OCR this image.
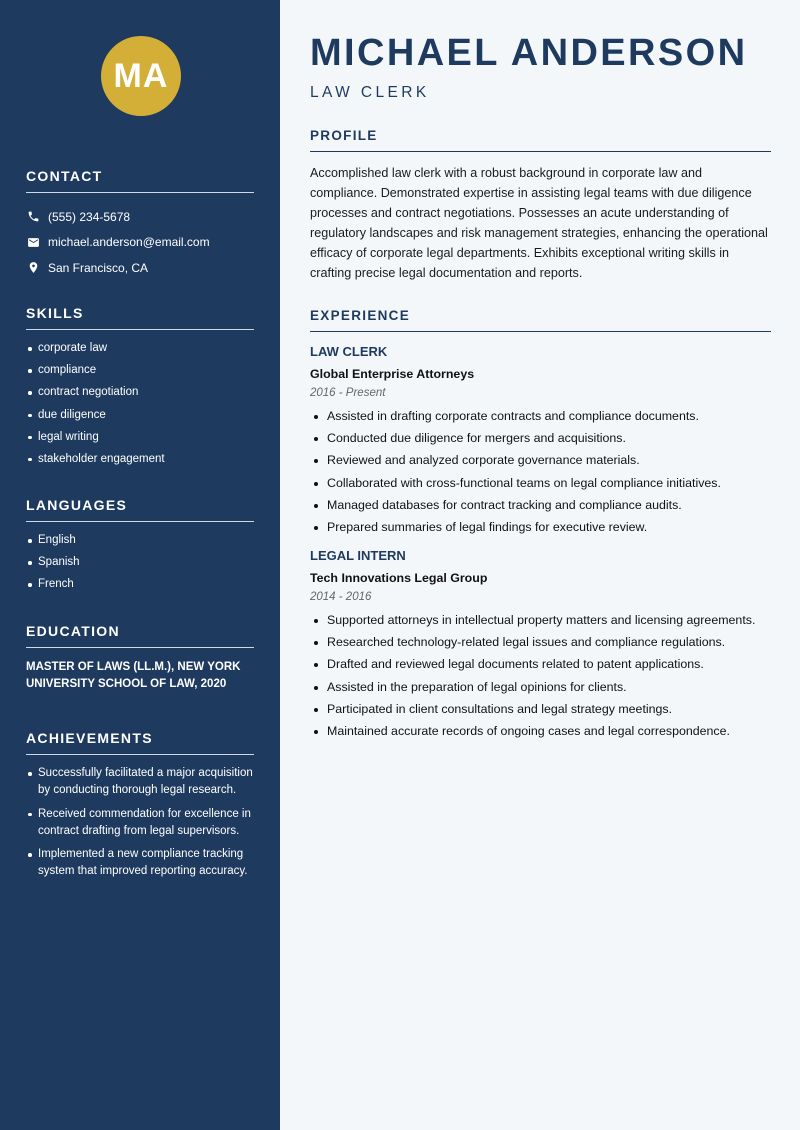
MA
CONTACT
(555) 234-5678
michael.anderson@email.com
San Francisco, CA
SKILLS
corporate law
compliance
contract negotiation
due diligence
legal writing
stakeholder engagement
LANGUAGES
English
Spanish
French
EDUCATION
MASTER OF LAWS (LL.M.), NEW YORK UNIVERSITY SCHOOL OF LAW, 2020
ACHIEVEMENTS
Successfully facilitated a major acquisition by conducting thorough legal research.
Received commendation for excellence in contract drafting from legal supervisors.
Implemented a new compliance tracking system that improved reporting accuracy.
MICHAEL ANDERSON
LAW CLERK
PROFILE

Accomplished law clerk with a robust background in corporate law and compliance. Demonstrated expertise in assisting legal teams with due diligence processes and contract negotiations. Possesses an acute understanding of regulatory landscapes and risk management strategies, enhancing the operational efficacy of corporate legal departments. Exhibits exceptional writing skills in crafting precise legal documentation and reports.

EXPERIENCE
LAW CLERK
Global Enterprise Attorneys
2016 - Present
Assisted in drafting corporate contracts and compliance documents.
Conducted due diligence for mergers and acquisitions.
Reviewed and analyzed corporate governance materials.
Collaborated with cross-functional teams on legal compliance initiatives.
Managed databases for contract tracking and compliance audits.
Prepared summaries of legal findings for executive review.
LEGAL INTERN
Tech Innovations Legal Group
2014 - 2016
Supported attorneys in intellectual property matters and licensing agreements.
Researched technology-related legal issues and compliance regulations.
Drafted and reviewed legal documents related to patent applications.
Assisted in the preparation of legal opinions for clients.
Participated in client consultations and legal strategy meetings.
Maintained accurate records of ongoing cases and legal correspondence.
